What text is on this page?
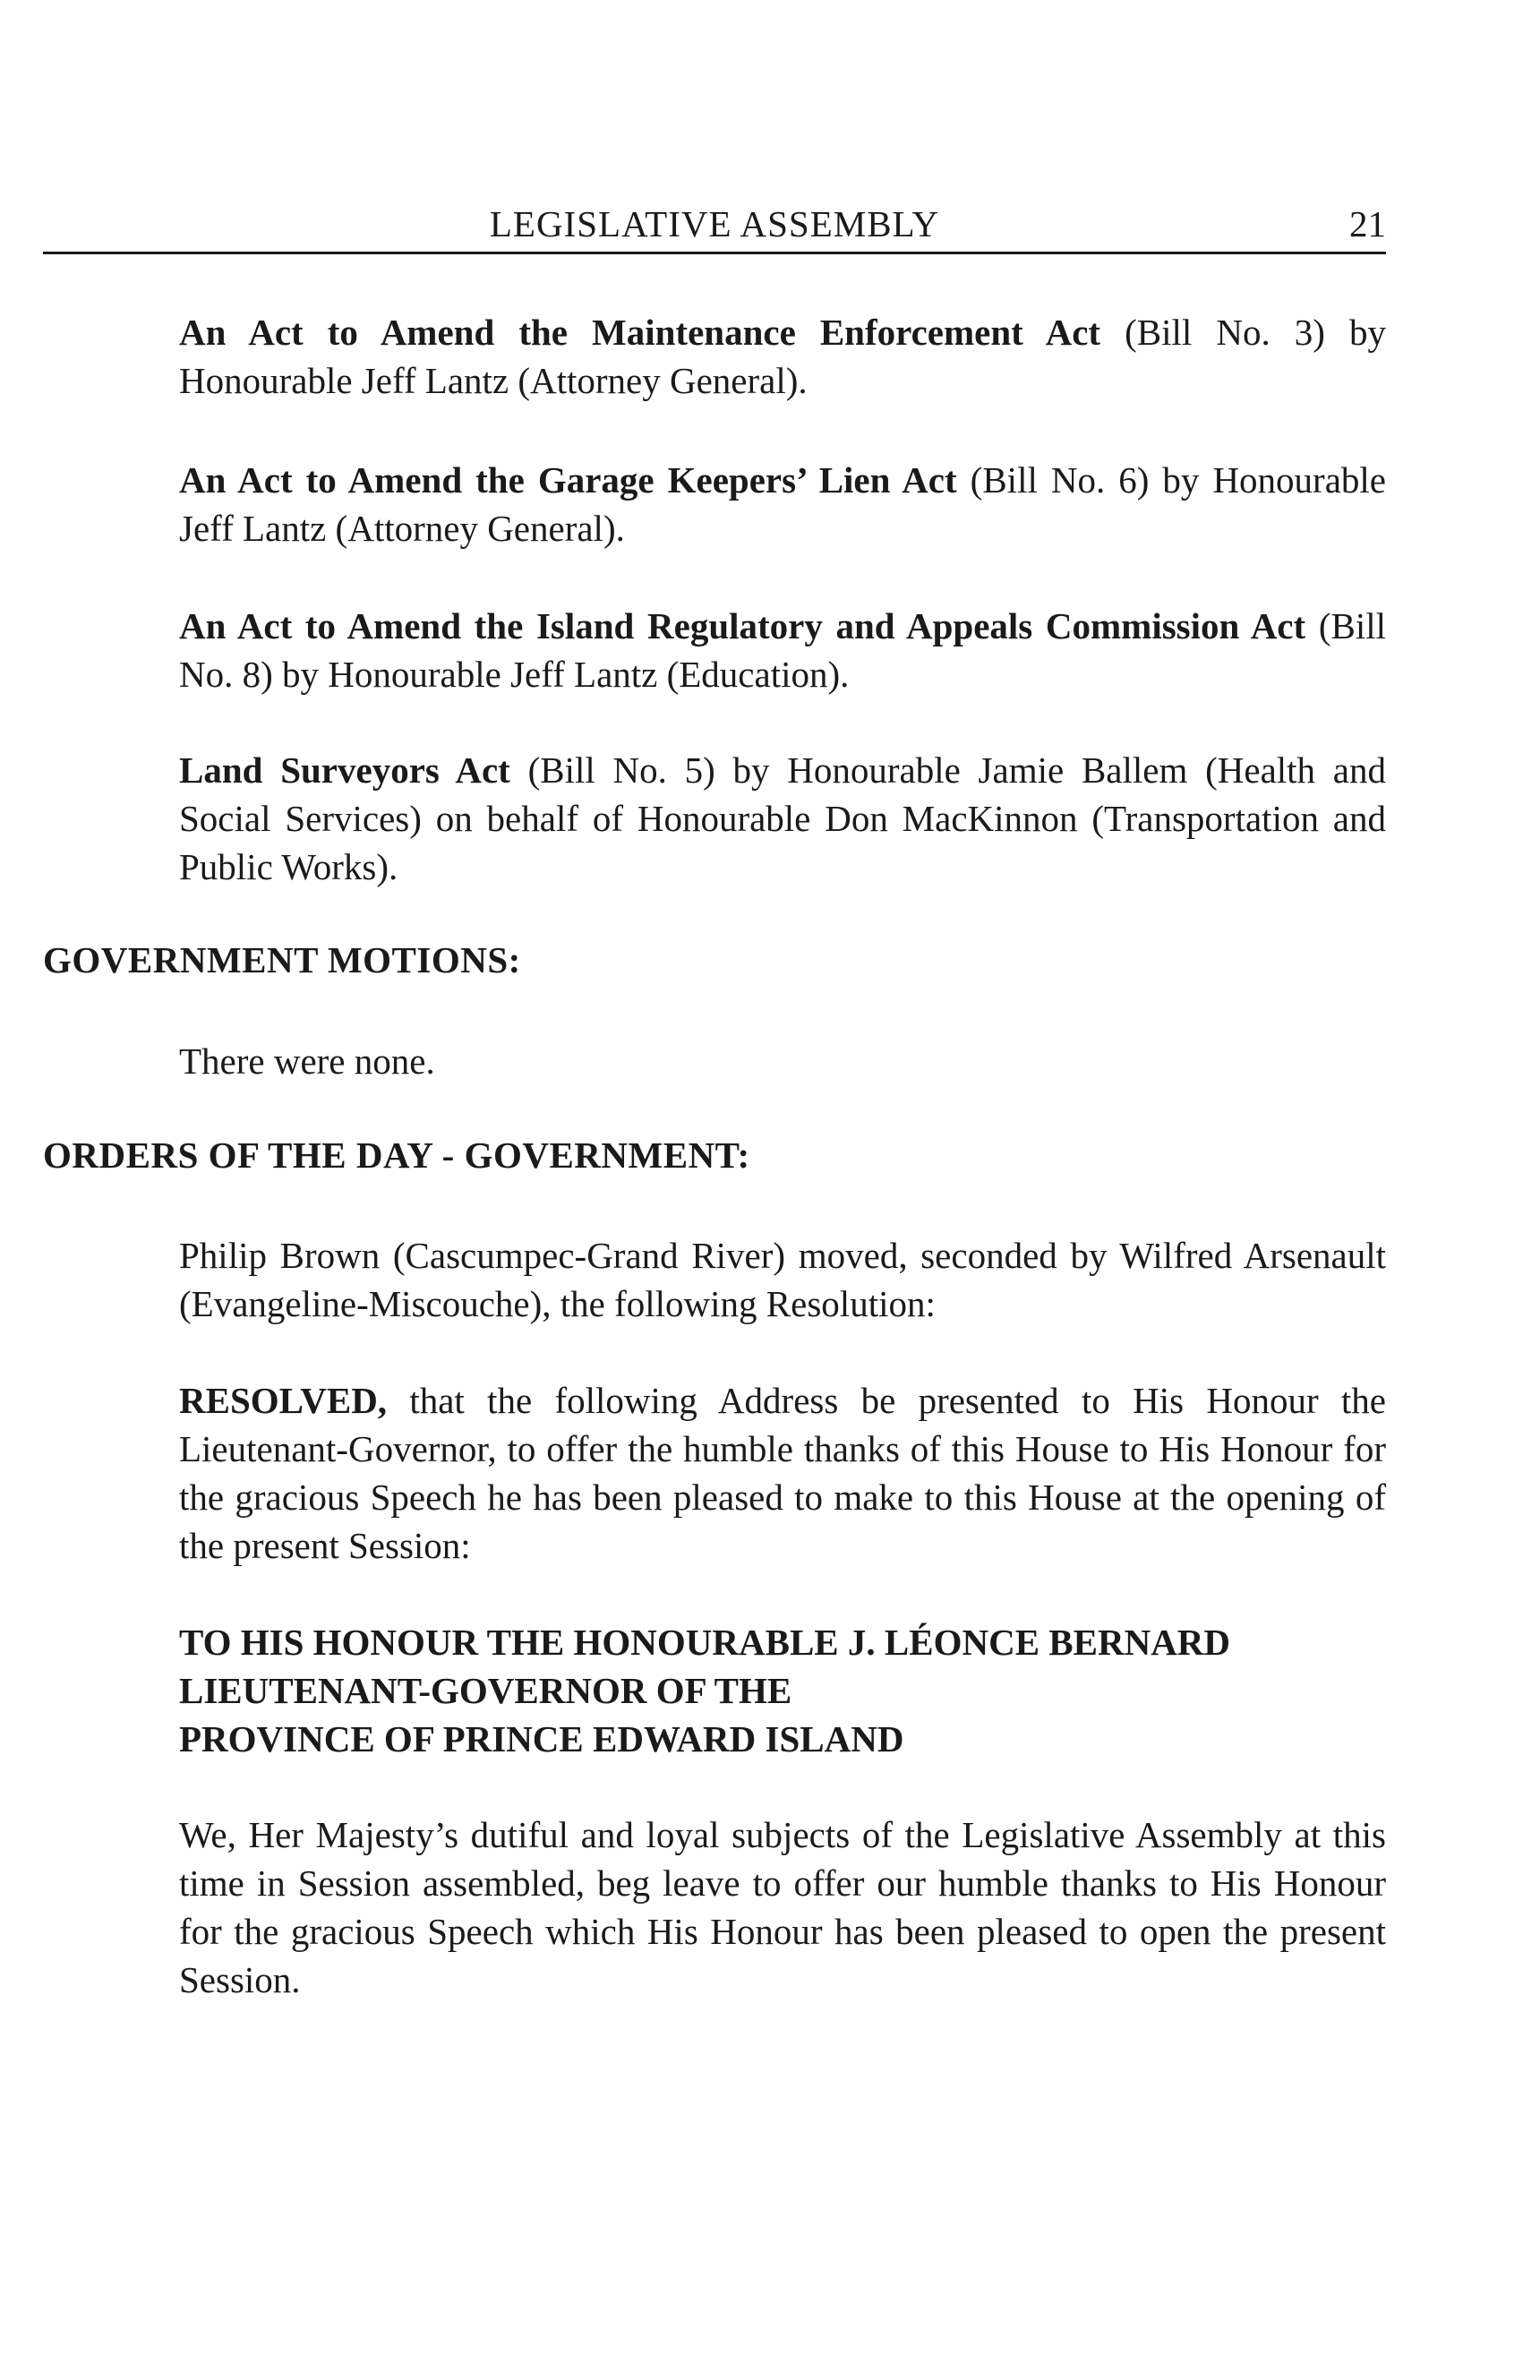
LEGISLATIVE ASSEMBLY	21

An Act to Amend the Maintenance Enforcement Act (Bill No. 3) by Honourable Jeff Lantz (Attorney General).

An Act to Amend the Garage Keepers’ Lien Act (Bill No. 6) by Honourable Jeff Lantz (Attorney General).

An Act to Amend the Island Regulatory and Appeals Commission Act (Bill No. 8) by Honourable Jeff Lantz (Education).

Land Surveyors Act (Bill No. 5) by Honourable Jamie Ballem (Health and Social Services) on behalf of Honourable Don MacKinnon (Transportation and Public Works).

GOVERNMENT MOTIONS:

There were none.

ORDERS OF THE DAY - GOVERNMENT:

Philip Brown (Cascumpec-Grand River) moved, seconded by Wilfred Arsenault (Evangeline-Miscouche), the following Resolution:

RESOLVED, that the following Address be presented to His Honour the Lieutenant-Governor, to offer the humble thanks of this House to His Honour for the gracious Speech he has been pleased to make to this House at the opening of the present Session:

TO HIS HONOUR THE HONOURABLE J. LÉONCE BERNARD
LIEUTENANT-GOVERNOR OF THE
PROVINCE OF PRINCE EDWARD ISLAND

We, Her Majesty’s dutiful and loyal subjects of the Legislative Assembly at this time in Session assembled, beg leave to offer our humble thanks to His Honour for the gracious Speech which His Honour has been pleased to open the present Session.
